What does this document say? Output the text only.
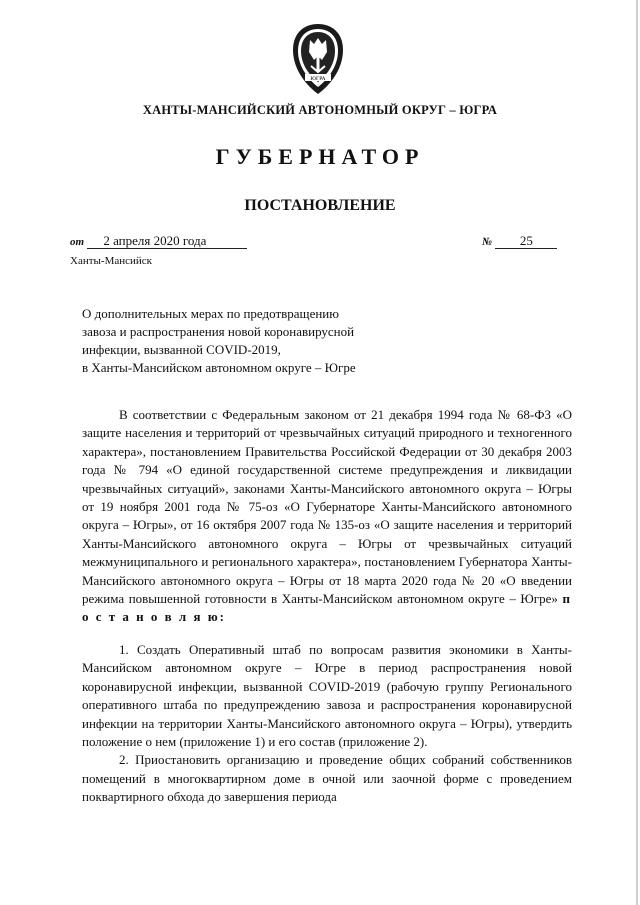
ЮГРА
ХАНТЫ-МАНСИЙСКИЙ АВТОНОМНЫЙ ОКРУГ – ЮГРА
ГУБЕРНАТОР
ПОСТАНОВЛЕНИЕ
от 2 апреля 2020 года	№ 25
Ханты-Мансийск

О дополнительных мерах по предотвращению

завоза и распространения новой коронавирусной

инфекции, вызванной COVID-2019,

в Ханты-Мансийском автономном округе – Югре

В соответствии с Федеральным законом от 21 декабря 1994 года № 68-ФЗ «О защите населения и территорий от чрезвычайных ситуаций природного и техногенного характера», постановлением Правительства Российской Федерации от 30 декабря 2003 года № 794 «О единой государственной системе предупреждения и ликвидации чрезвычайных ситуаций», законами Ханты-Мансийского автономного округа – Югры от 19 ноября 2001 года № 75-оз «О Губернаторе Ханты-Мансийского автономного округа – Югры», от 16 октября 2007 года № 135-оз «О защите населения и территорий Ханты-Мансийского автономного округа – Югры от чрезвычайных ситуаций межмуниципального и регионального характера», постановлением Губернатора Ханты-Мансийского автономного округа – Югры от 18 марта 2020 года № 20 «О введении режима повышенной готовности в Ханты-Мансийском автономном округе – Югре» п о с т а н о в л я ю:

1. Создать Оперативный штаб по вопросам развития экономики в Ханты-Мансийском автономном округе – Югре в период распространения новой коронавирусной инфекции, вызванной COVID-2019 (рабочую группу Регионального оперативного штаба по предупреждению завоза и распространения коронавирусной инфекции на территории Ханты-Мансийского автономного округа – Югры), утвердить положение о нем (приложение 1) и его состав (приложение 2).

2. Приостановить организацию и проведение общих собраний собственников помещений в многоквартирном доме в очной или заочной форме с проведением поквартирного обхода до завершения периода
